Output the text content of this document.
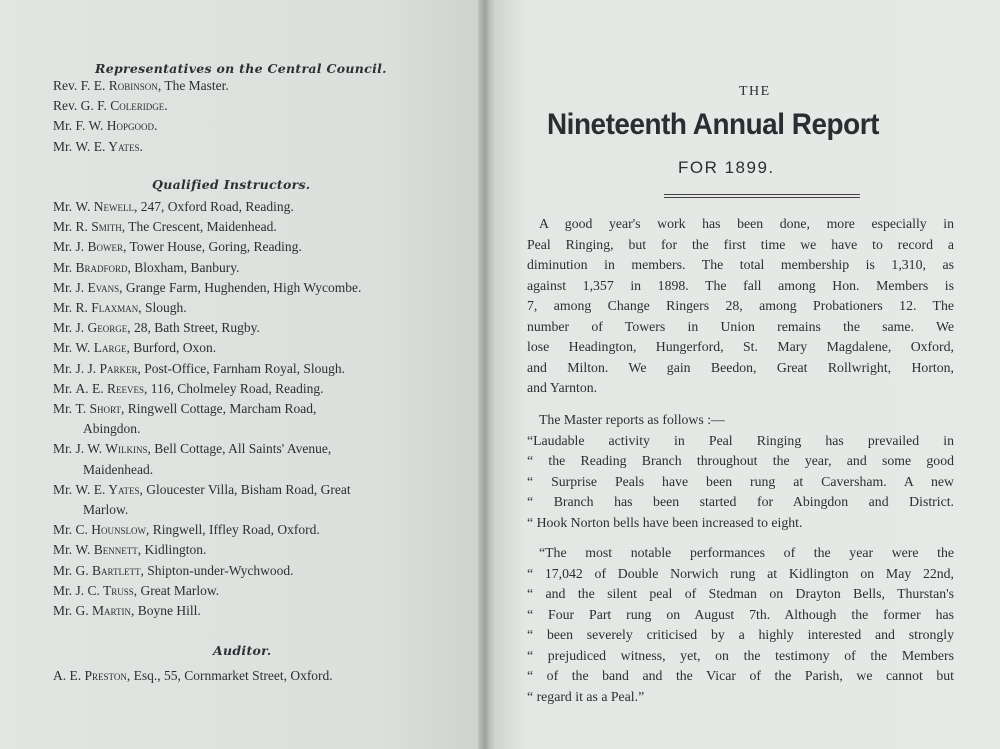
Representatives on the Central Council.
Rev. F. E. Robinson, The Master.
Rev. G. F. Coleridge.
Mr. F. W. Hopgood.
Mr. W. E. Yates.
Qualified Instructors.
Mr. W. Newell, 247, Oxford Road, Reading.
Mr. R. Smith, The Crescent, Maidenhead.
Mr. J. Bower, Tower House, Goring, Reading.
Mr. Bradford, Bloxham, Banbury.
Mr. J. Evans, Grange Farm, Hughenden, High Wycombe.
Mr. R. Flaxman, Slough.
Mr. J. George, 28, Bath Street, Rugby.
Mr. W. Large, Burford, Oxon.
Mr. J. J. Parker, Post-Office, Farnham Royal, Slough.
Mr. A. E. Reeves, 116, Cholmeley Road, Reading.
Mr. T. Short, Ringwell Cottage, Marcham Road,
Abingdon.
Mr. J. W. Wilkins, Bell Cottage, All Saints' Avenue,
Maidenhead.
Mr. W. E. Yates, Gloucester Villa, Bisham Road, Great
Marlow.
Mr. C. Hounslow, Ringwell, Iffley Road, Oxford.
Mr. W. Bennett, Kidlington.
Mr. G. Bartlett, Shipton-under-Wychwood.
Mr. J. C. Truss, Great Marlow.
Mr. G. Martin, Boyne Hill.
Auditor.
A. E. Preston, Esq., 55, Cornmarket Street, Oxford.
THE
Nineteenth Annual Report
FOR 1899.
A good year's work has been done, more especially in
Peal Ringing, but for the first time we have to record a
diminution in members. The total membership is 1,310, as
against 1,357 in 1898. The fall among Hon. Members is
7, among Change Ringers 28, among Probationers 12. The
number of Towers in Union remains the same. We
lose Headington, Hungerford, St. Mary Magdalene, Oxford,
and Milton. We gain Beedon, Great Rollwright, Horton,
and Yarnton.
The Master reports as follows :—
“Laudable activity in Peal Ringing has prevailed in
“ the Reading Branch throughout the year, and some good
“ Surprise Peals have been rung at Caversham. A new
“ Branch has been started for Abingdon and District.
“ Hook Norton bells have been increased to eight.
“The most notable performances of the year were the
“ 17,042 of Double Norwich rung at Kidlington on May 22nd,
“ and the silent peal of Stedman on Drayton Bells, Thurstan's
“ Four Part rung on August 7th. Although the former has
“ been severely criticised by a highly interested and strongly
“ prejudiced witness, yet, on the testimony of the Members
“ of the band and the Vicar of the Parish, we cannot but
“ regard it as a Peal.”
